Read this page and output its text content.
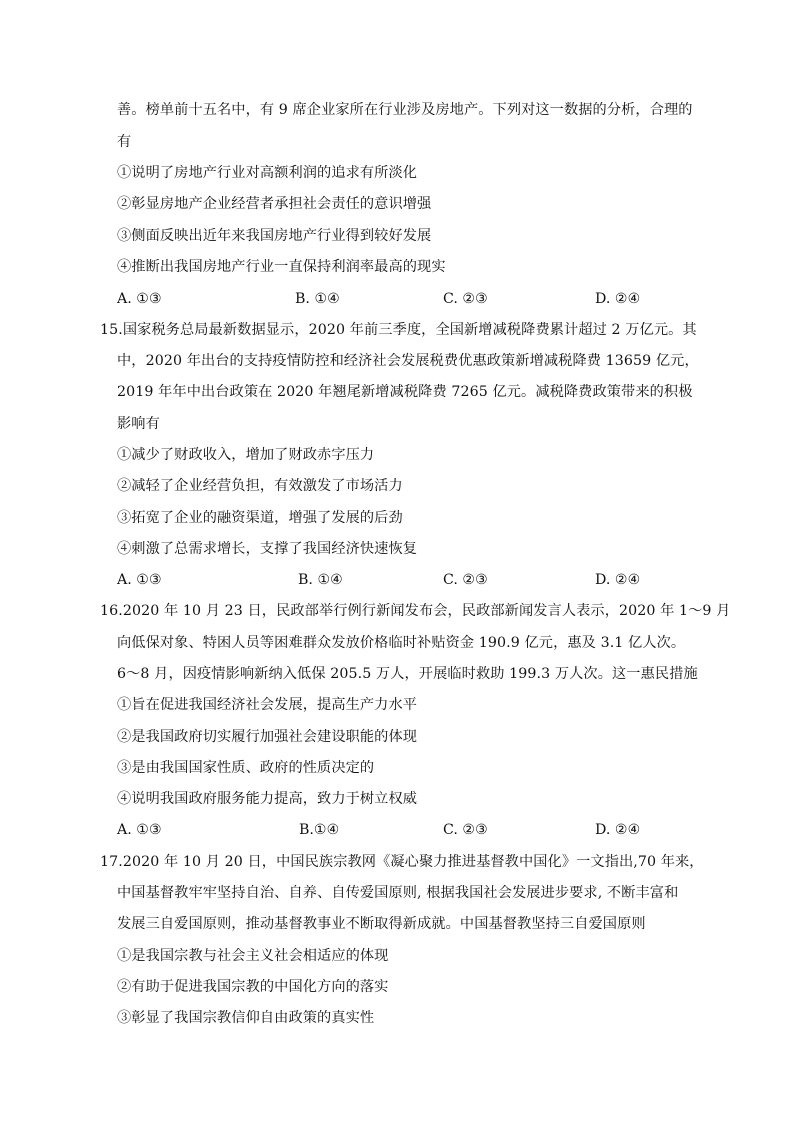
善。榜单前十五名中，有 9 席企业家所在行业涉及房地产。下列对这一数据的分析，合理的
有
①说明了房地产行业对高额利润的追求有所淡化
②彰显房地产企业经营者承担社会责任的意识增强
③侧面反映出近年来我国房地产行业得到较好发展
④推断出我国房地产行业一直保持利润率最高的现实
A. ①③	B. ①④	C. ②③	D. ②④
15.国家税务总局最新数据显示，2020 年前三季度，全国新增减税降费累计超过 2 万亿元。其
中，2020 年出台的支持疫情防控和经济社会发展税费优惠政策新增减税降费 13659 亿元，
2019 年年中出台政策在 2020 年翘尾新增减税降费 7265 亿元。减税降费政策带来的积极
影响有
①减少了财政收入，增加了财政赤字压力
②减轻了企业经营负担，有效激发了市场活力
③拓宽了企业的融资渠道，增强了发展的后劲
④刺激了总需求增长，支撑了我国经济快速恢复
A. ①③	B. ①④	C. ②③	D. ②④
16.2020 年 10 月 23 日，民政部举行例行新闻发布会，民政部新闻发言人表示，2020 年 1～9 月
向低保对象、特困人员等困难群众发放价格临时补贴资金 190.9 亿元，惠及 3.1 亿人次。
6～8 月，因疫情影响新纳入低保 205.5 万人，开展临时救助 199.3 万人次。这一惠民措施
①旨在促进我国经济社会发展，提高生产力水平
②是我国政府切实履行加强社会建设职能的体现
③是由我国国家性质、政府的性质决定的
④说明我国政府服务能力提高，致力于树立权威
A. ①③	B.①④	C. ②③	D. ②④
17.2020 年 10 月 20 日，中国民族宗教网《凝心聚力推进基督教中国化》一文指出,70 年来，
中国基督教牢牢坚持自治、自养、自传爱国原则, 根据我国社会发展进步要求, 不断丰富和
发展三自爱国原则，推动基督教事业不断取得新成就。中国基督教坚持三自爱国原则
①是我国宗教与社会主义社会相适应的体现
②有助于促进我国宗教的中国化方向的落实
③彰显了我国宗教信仰自由政策的真实性
